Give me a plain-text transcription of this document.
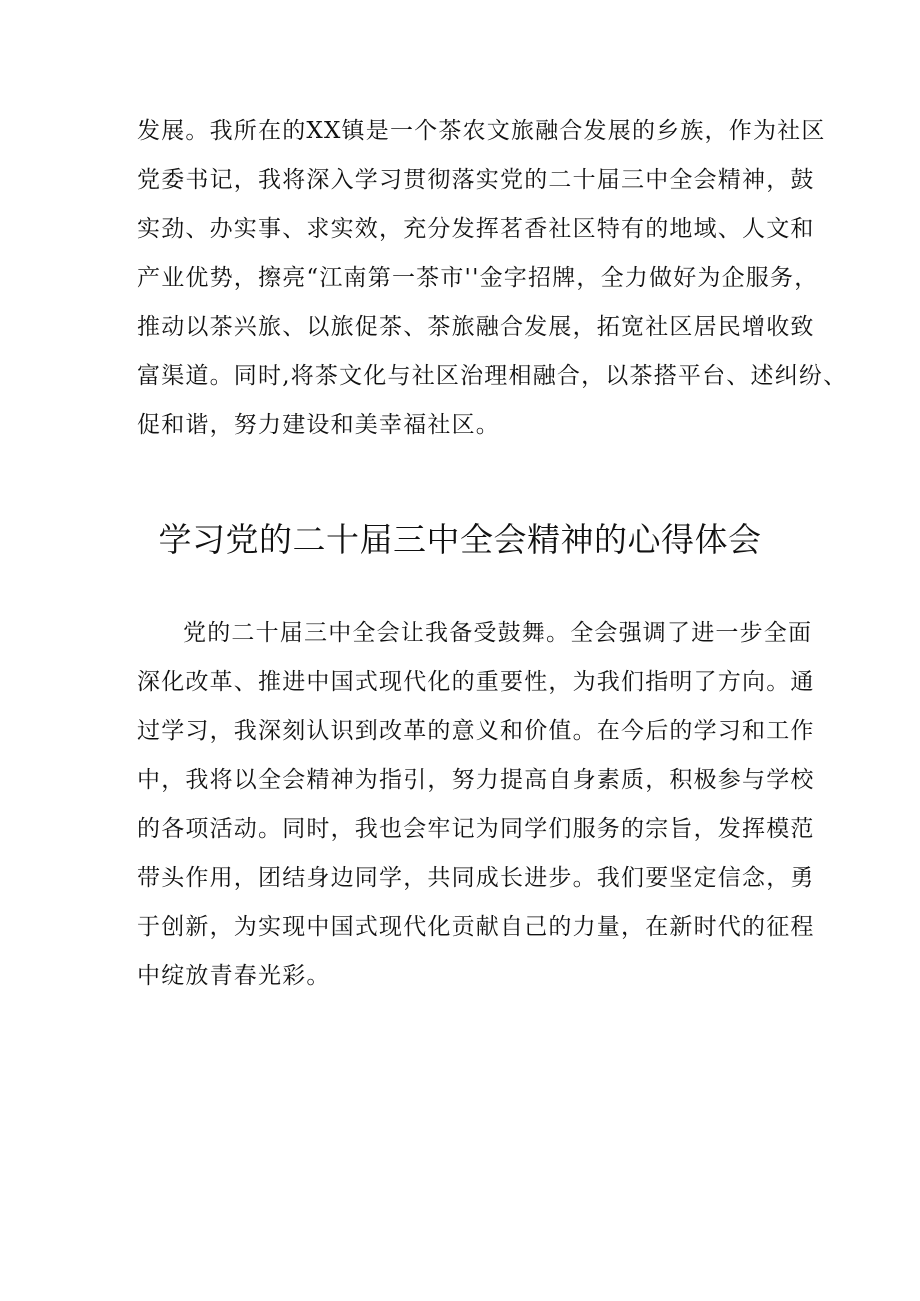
发展。我所在的XX镇是一个茶农文旅融合发展的乡族，作为社区
党委书记，我将深入学习贯彻落实党的二十届三中全会精神，鼓
实劲、办实事、求实效，充分发挥茗香社区特有的地域、人文和
产业优势，擦亮“江南第一茶市''金字招牌，全力做好为企服务，
推动以茶兴旅、以旅促茶、茶旅融合发展，拓宽社区居民增收致
富渠道。同时,将茶文化与社区治理相融合，以茶搭平台、述纠纷、
促和谐，努力建设和美幸福社区。
学习党的二十届三中全会精神的心得体会
党的二十届三中全会让我备受鼓舞。全会强调了进一步全面
深化改革、推进中国式现代化的重要性，为我们指明了方向。通
过学习，我深刻认识到改革的意义和价值。在今后的学习和工作
中，我将以全会精神为指引，努力提高自身素质，积极参与学校
的各项活动。同时，我也会牢记为同学们服务的宗旨，发挥模范
带头作用，团结身边同学，共同成长进步。我们要坚定信念，勇
于创新，为实现中国式现代化贡献自己的力量，在新时代的征程
中绽放青春光彩。
